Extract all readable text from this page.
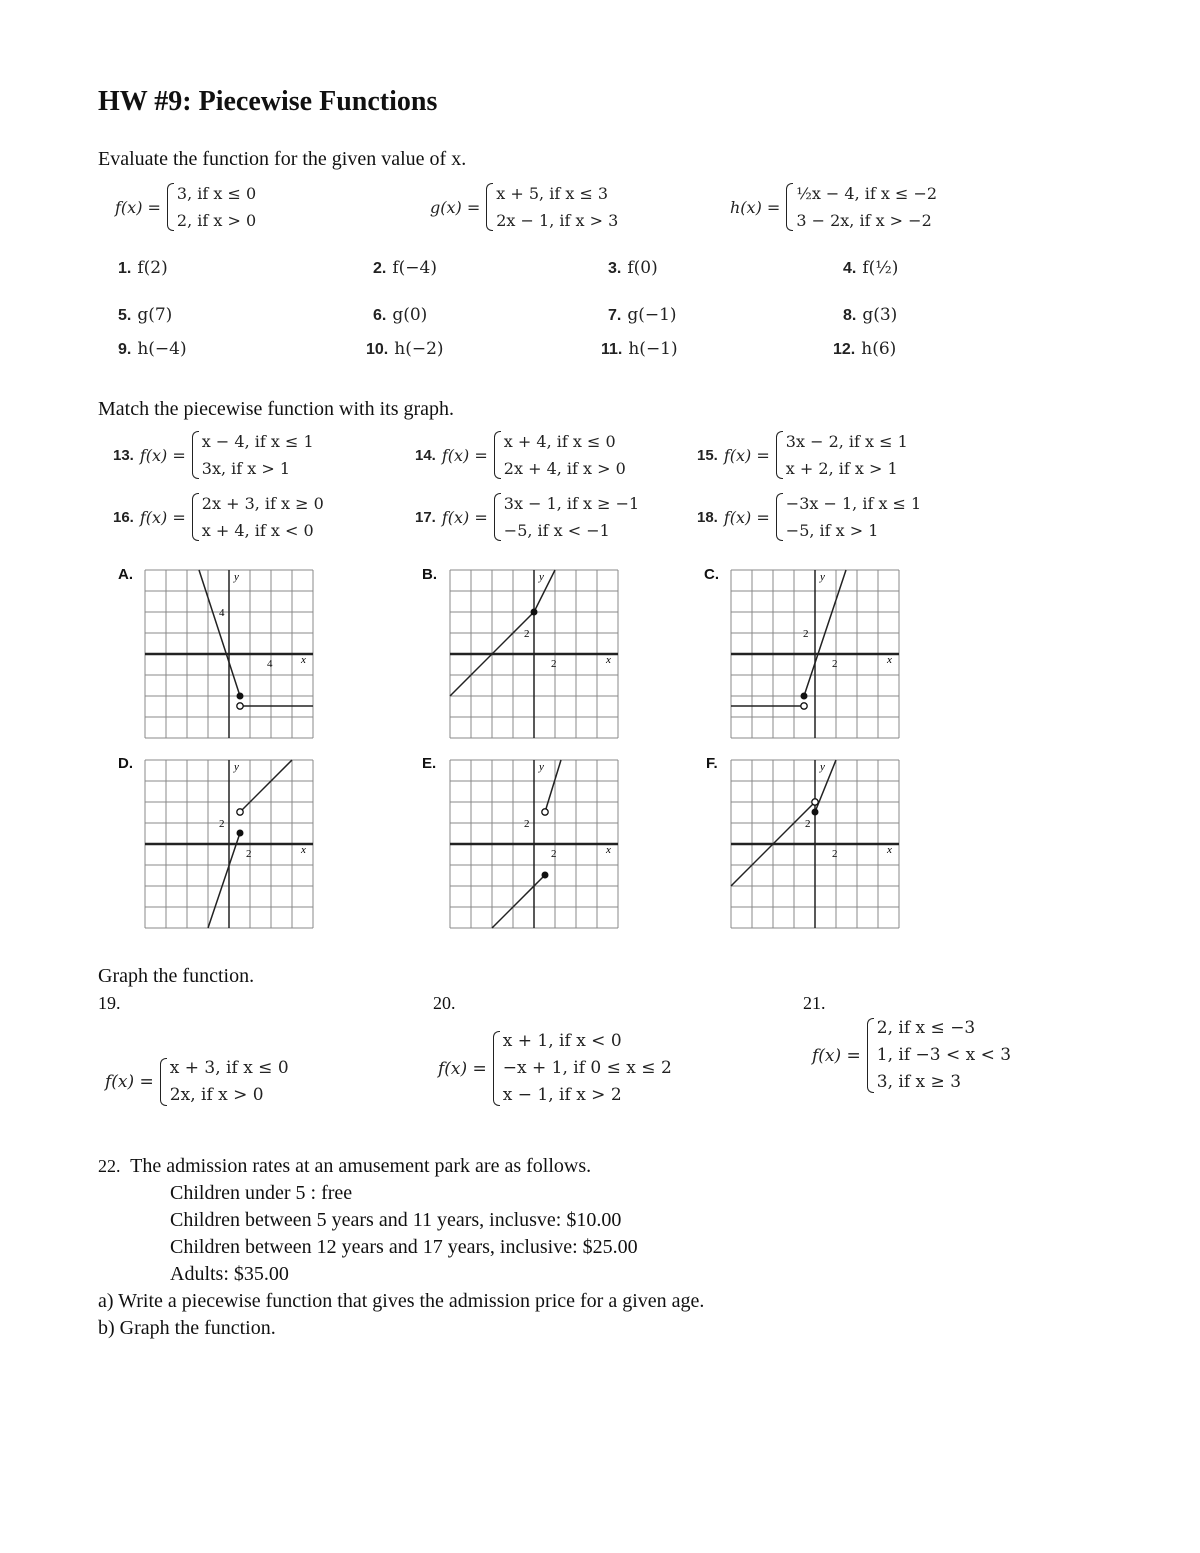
HW #9: Piecewise Functions
Evaluate the function for the given value of x.
f(x) =
3, if x ≤ 0
2, if x > 0
g(x) =
x + 5, if x ≤ 3
2x − 1, if x > 3
h(x) =
½x − 4, if x ≤ −2
3 − 2x, if x > −2
1. f(2)	2. f(−4)	3. f(0)	4. f(½)
5. g(7)	6. g(0)	7. g(−1)	8. g(3)
9. h(−4)	10. h(−2)	11. h(−1)	12. h(6)
Match the piecewise function with its graph.
13. f(x) =
x − 4, if x ≤ 1
3x, if x > 1
14. f(x) =
x + 4, if x ≤ 0
2x + 4, if x > 0
15. f(x) =
3x − 2, if x ≤ 1
x + 2, if x > 1
16. f(x) =
2x + 3, if x ≥ 0
x + 4, if x < 0
17. f(x) =
3x − 1, if x ≥ −1
−5, if x < −1
18. f(x) =
−3x − 1, if x ≤ 1
−5, if x > 1
A.	B.	C.
D.	E.	F.
4
4	x
y
2
2	x
y
2
2	x
y
2
2	x
y
2
2	x
y
2
2	x
y
Graph the function.
19.	20.	21.
f(x) =
x + 3, if x ≤ 0
2x, if x > 0
f(x) =
x + 1, if x < 0
−x + 1, if 0 ≤ x ≤ 2
x − 1, if x > 2
f(x) =
2, if x ≤ −3
1, if −3 < x < 3
3, if x ≥ 3
22. The admission rates at an amusement park are as follows.
Children under 5 : free
Children between 5 years and 11 years, inclusve: $10.00
Children between 12 years and 17 years, inclusive: $25.00
Adults: $35.00
a) Write a piecewise function that gives the admission price for a given age.
b) Graph the function.
